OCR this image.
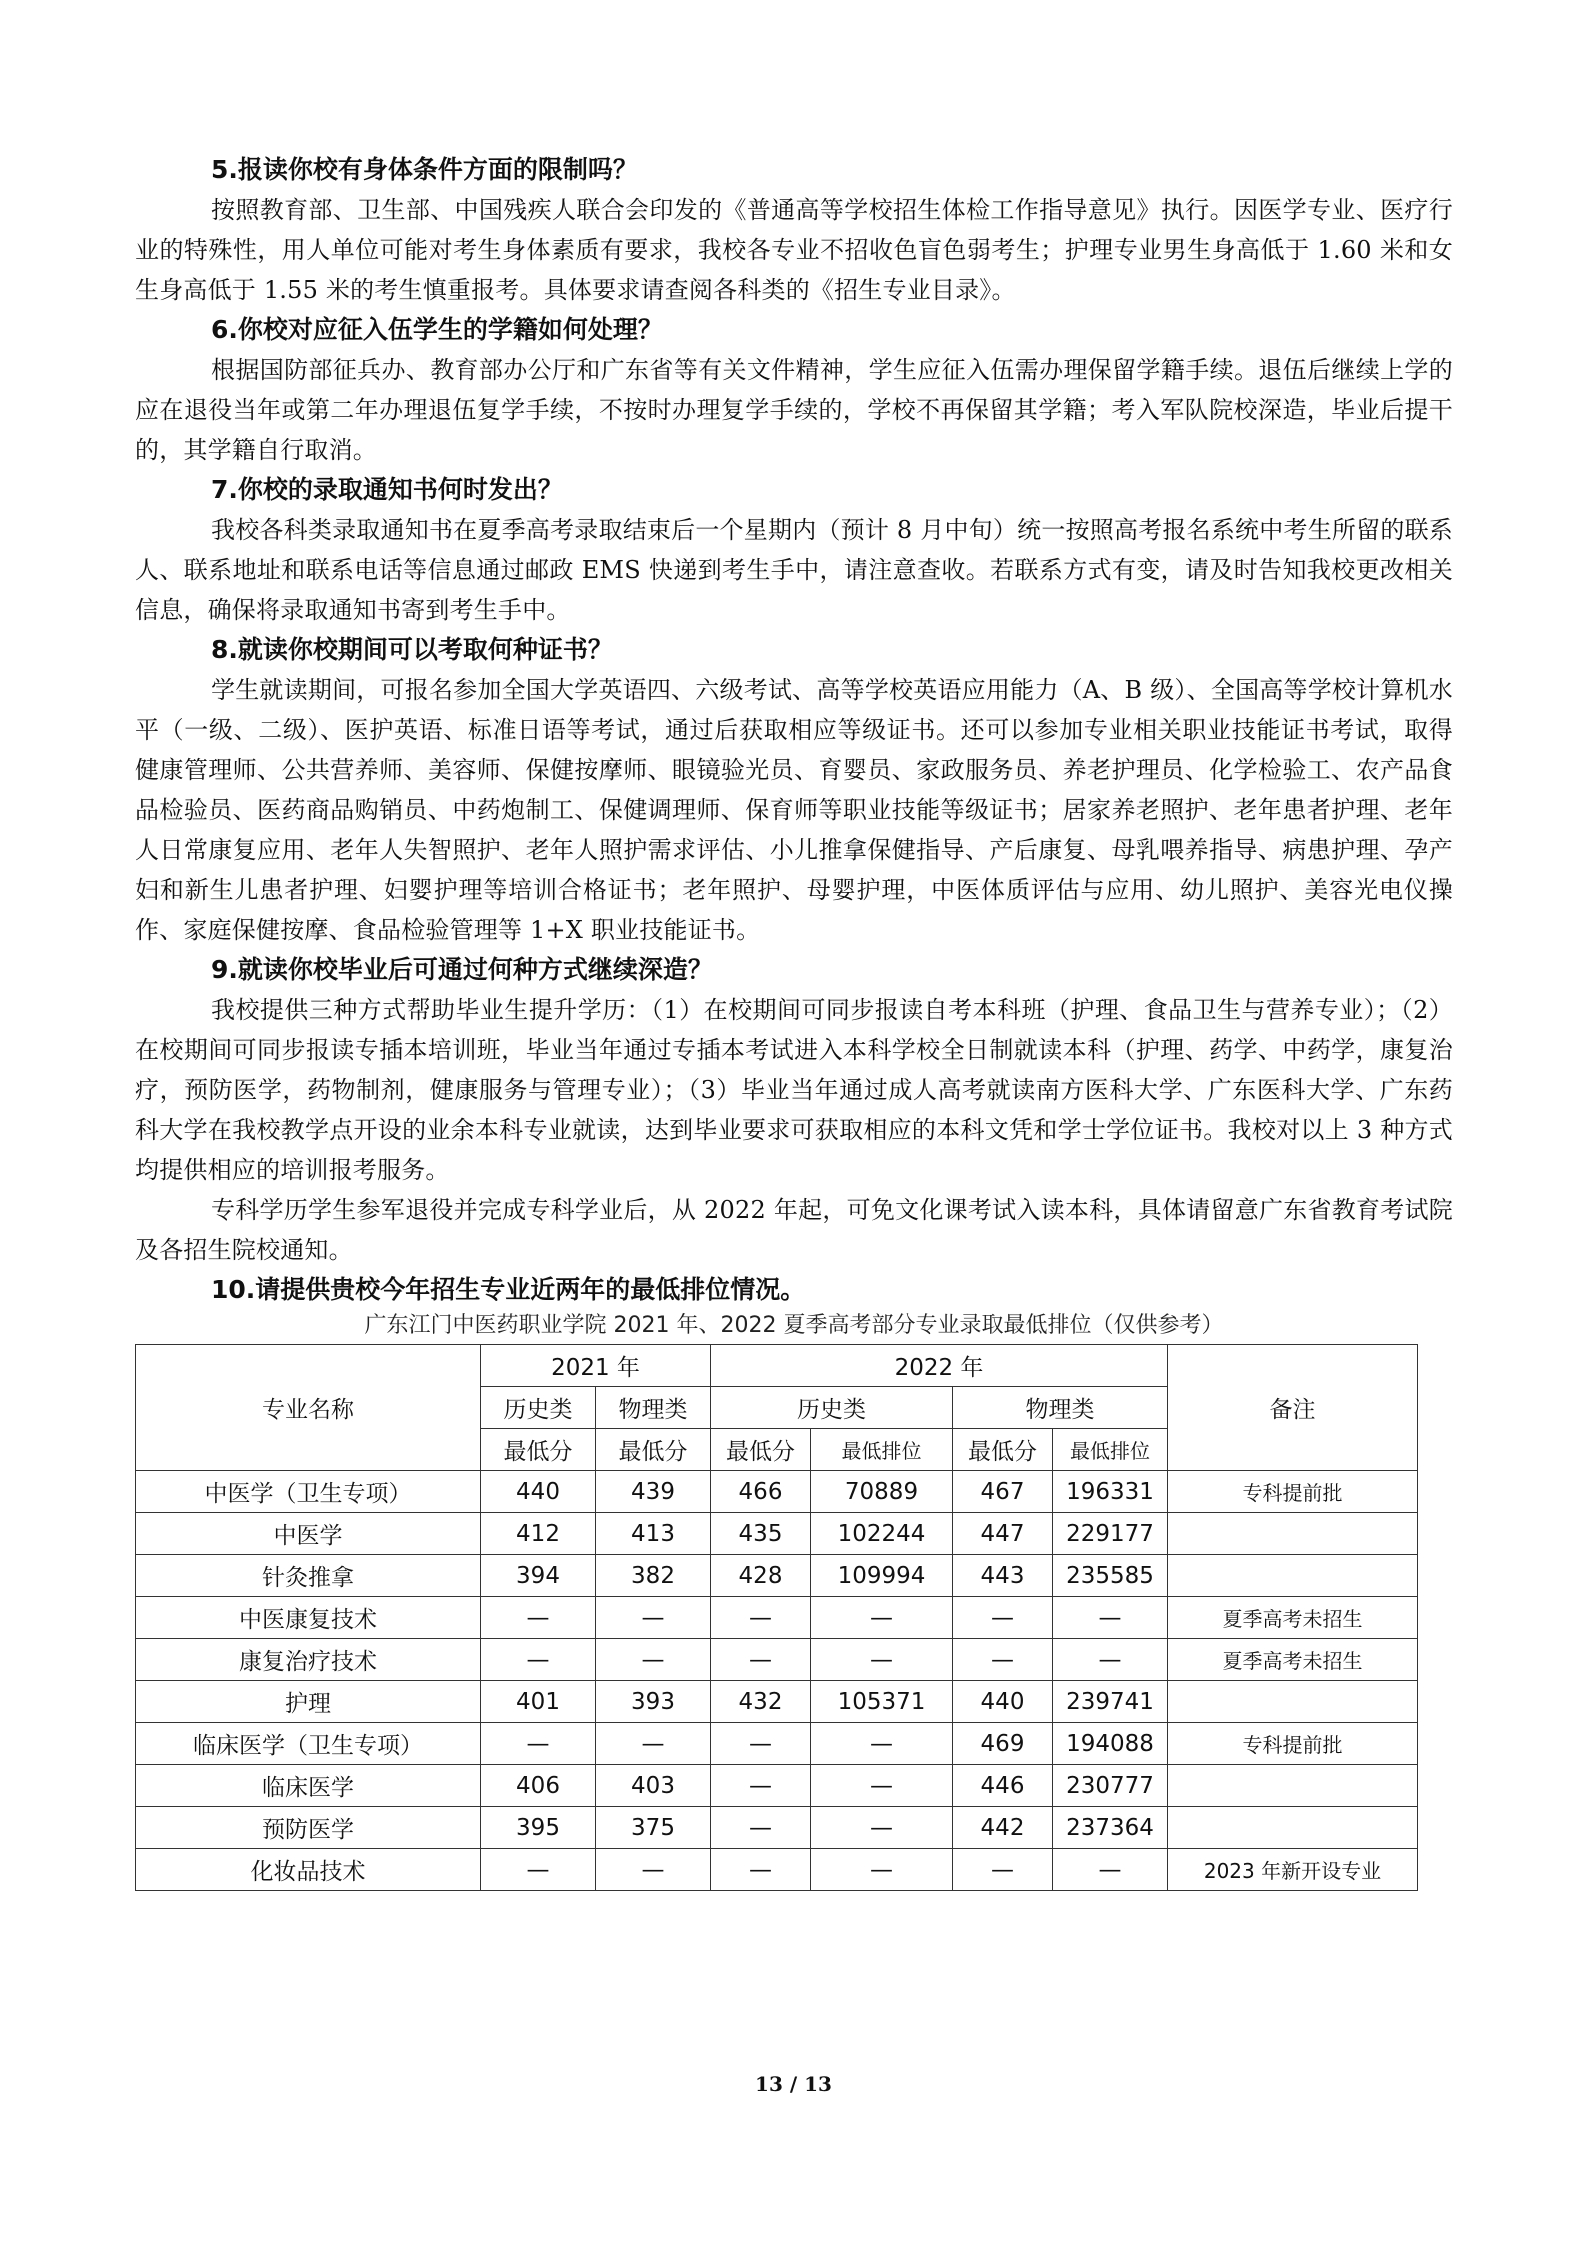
5.报读你校有身体条件方面的限制吗？

按照教育部、卫生部、中国残疾人联合会印发的《普通高等学校招生体检工作指导意见》执行。因医学专业、医疗行业的特殊性，用人单位可能对考生身体素质有要求，我校各专业不招收色盲色弱考生；护理专业男生身高低于 1.60 米和女生身高低于 1.55 米的考生慎重报考。具体要求请查阅各科类的《招生专业目录》。

6.你校对应征入伍学生的学籍如何处理？

根据国防部征兵办、教育部办公厅和广东省等有关文件精神，学生应征入伍需办理保留学籍手续。退伍后继续上学的应在退役当年或第二年办理退伍复学手续，不按时办理复学手续的，学校不再保留其学籍；考入军队院校深造，毕业后提干的，其学籍自行取消。

7.你校的录取通知书何时发出？

我校各科类录取通知书在夏季高考录取结束后一个星期内（预计 8 月中旬）统一按照高考报名系统中考生所留的联系人、联系地址和联系电话等信息通过邮政 EMS 快递到考生手中，请注意查收。若联系方式有变，请及时告知我校更改相关信息，确保将录取通知书寄到考生手中。

8.就读你校期间可以考取何种证书？

学生就读期间，可报名参加全国大学英语四、六级考试、高等学校英语应用能力（A、B 级）、全国高等学校计算机水平（一级、二级）、医护英语、标准日语等考试，通过后获取相应等级证书。还可以参加专业相关职业技能证书考试，取得健康管理师、公共营养师、美容师、保健按摩师、眼镜验光员、育婴员、家政服务员、养老护理员、化学检验工、农产品食品检验员、医药商品购销员、中药炮制工、保健调理师、保育师等职业技能等级证书；居家养老照护、老年患者护理、老年人日常康复应用、老年人失智照护、老年人照护需求评估、小儿推拿保健指导、产后康复、母乳喂养指导、病患护理、孕产妇和新生儿患者护理、妇婴护理等培训合格证书；老年照护、母婴护理，中医体质评估与应用、幼儿照护、美容光电仪操作、家庭保健按摩、食品检验管理等 1+X 职业技能证书。

9.就读你校毕业后可通过何种方式继续深造？

我校提供三种方式帮助毕业生提升学历：（1）在校期间可同步报读自考本科班（护理、食品卫生与营养专业）；（2）在校期间可同步报读专插本培训班，毕业当年通过专插本考试进入本科学校全日制就读本科（护理、药学、中药学，康复治疗，预防医学，药物制剂，健康服务与管理专业）；（3）毕业当年通过成人高考就读南方医科大学、广东医科大学、广东药科大学在我校教学点开设的业余本科专业就读，达到毕业要求可获取相应的本科文凭和学士学位证书。我校对以上 3 种方式均提供相应的培训报考服务。

专科学历学生参军退役并完成专科学业后，从 2022 年起，可免文化课考试入读本科，具体请留意广东省教育考试院及各招生院校通知。

10.请提供贵校今年招生专业近两年的最低排位情况。

广东江门中医药职业学院 2021 年、2022 夏季高考部分专业录取最低排位（仅供参考）

专业名称	2021 年		2022 年				备注
	历史类	物理类	历史类		物理类		
	最低分	最低分	最低分	最低排位	最低分	最低排位	
中医学（卫生专项）	440	439	466	70889	467	196331	专科提前批
中医学	412	413	435	102244	447	229177	
针灸推拿	394	382	428	109994	443	235585	
中医康复技术	—	—	—	—	—	—	夏季高考未招生
康复治疗技术	—	—	—	—	—	—	夏季高考未招生
护理	401	393	432	105371	440	239741	
临床医学（卫生专项）	—	—	—	—	469	194088	专科提前批
临床医学	406	403	—	—	446	230777	
预防医学	395	375	—	—	442	237364	
化妆品技术	—	—	—	—	—	—	2023 年新开设专业
13 / 13
